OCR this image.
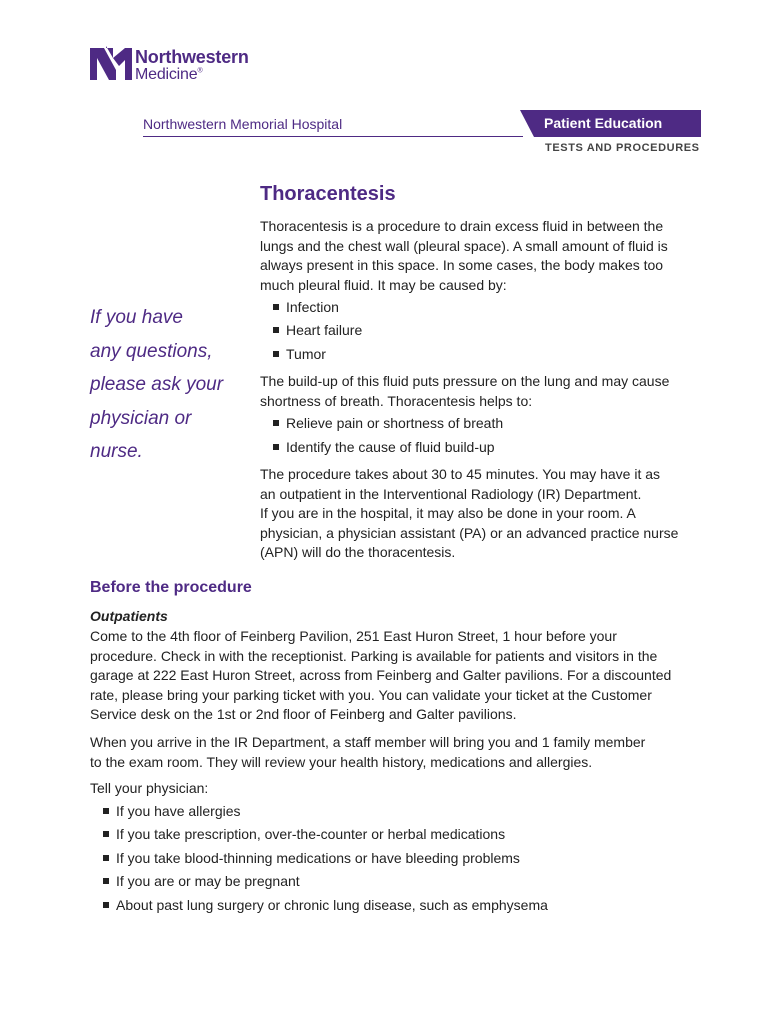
Northwestern
Medicine®
Northwestern Memorial Hospital	Patient Education
TESTS AND PROCEDURES
Thoracentesis
If you have
any questions,
please ask your
physician or
nurse.
Thoracentesis is a procedure to drain excess fluid in between the
lungs and the chest wall (pleural space). A small amount of fluid is
always present in this space. In some cases, the body makes too
much pleural fluid. It may be caused by:
Infection
Heart failure
Tumor
The build-up of this fluid puts pressure on the lung and may cause
shortness of breath. Thoracentesis helps to:
Relieve pain or shortness of breath
Identify the cause of fluid build-up
The procedure takes about 30 to 45 minutes. You may have it as
an outpatient in the Interventional Radiology (IR) Department.
If you are in the hospital, it may also be done in your room. A
physician, a physician assistant (PA) or an advanced practice nurse
(APN) will do the thoracentesis.
Before the procedure
Outpatients
Come to the 4th floor of Feinberg Pavilion, 251 East Huron Street, 1 hour before your
procedure. Check in with the receptionist. Parking is available for patients and visitors in the
garage at 222 East Huron Street, across from Feinberg and Galter pavilions. For a discounted
rate, please bring your parking ticket with you. You can validate your ticket at the Customer
Service desk on the 1st or 2nd floor of Feinberg and Galter pavilions.
When you arrive in the IR Department, a staff member will bring you and 1 family member
to the exam room. They will review your health history, medications and allergies.
Tell your physician:
If you have allergies
If you take prescription, over-the-counter or herbal medications
If you take blood-thinning medications or have bleeding problems
If you are or may be pregnant
About past lung surgery or chronic lung disease, such as emphysema
